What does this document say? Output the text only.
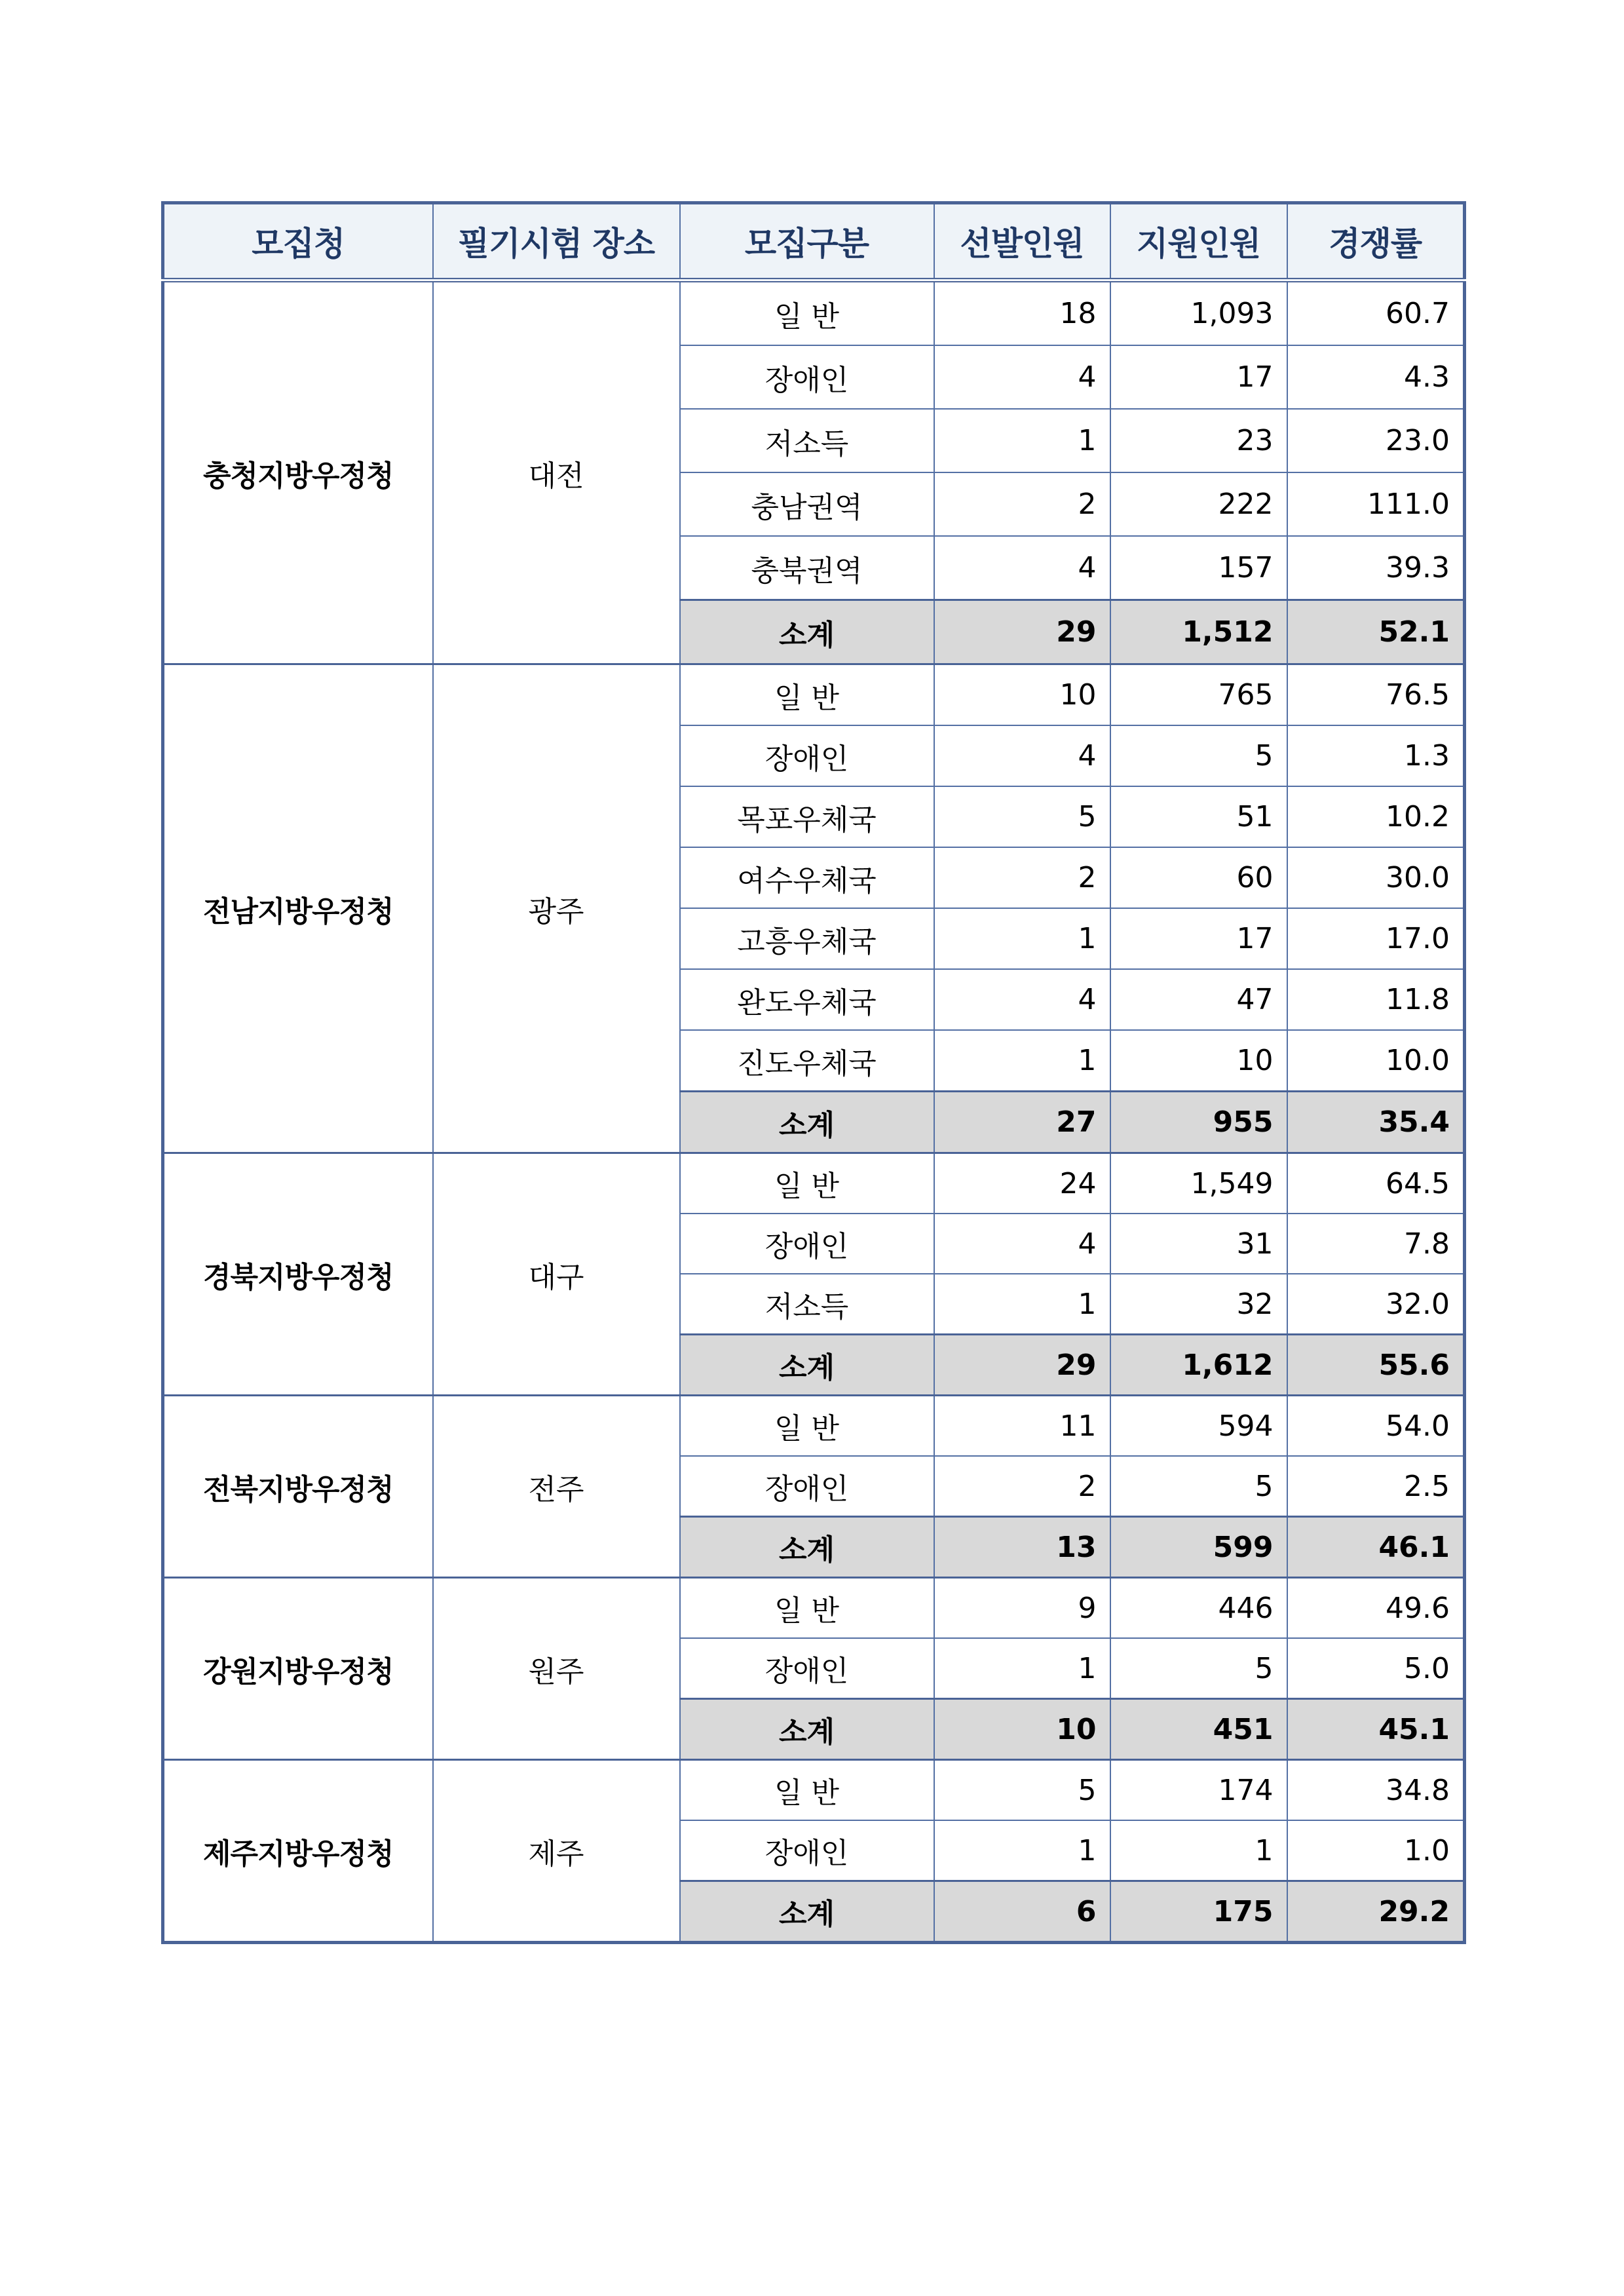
모집청	필기시험 장소	모집구분	선발인원	지원인원	경쟁률
충청지방우정청	대전	일 반	18	1,093	60.7
		장애인	4	17	4.3
		저소득	1	23	23.0
		충남권역	2	222	111.0
		충북권역	4	157	39.3
		소계	29	1,512	52.1
전남지방우정청	광주	일 반	10	765	76.5
		장애인	4	5	1.3
		목포우체국	5	51	10.2
		여수우체국	2	60	30.0
		고흥우체국	1	17	17.0
		완도우체국	4	47	11.8
		진도우체국	1	10	10.0
		소계	27	955	35.4
경북지방우정청	대구	일 반	24	1,549	64.5
		장애인	4	31	7.8
		저소득	1	32	32.0
		소계	29	1,612	55.6
전북지방우정청	전주	일 반	11	594	54.0
		장애인	2	5	2.5
		소계	13	599	46.1
강원지방우정청	원주	일 반	9	446	49.6
		장애인	1	5	5.0
		소계	10	451	45.1
제주지방우정청	제주	일 반	5	174	34.8
		장애인	1	1	1.0
		소계	6	175	29.2
